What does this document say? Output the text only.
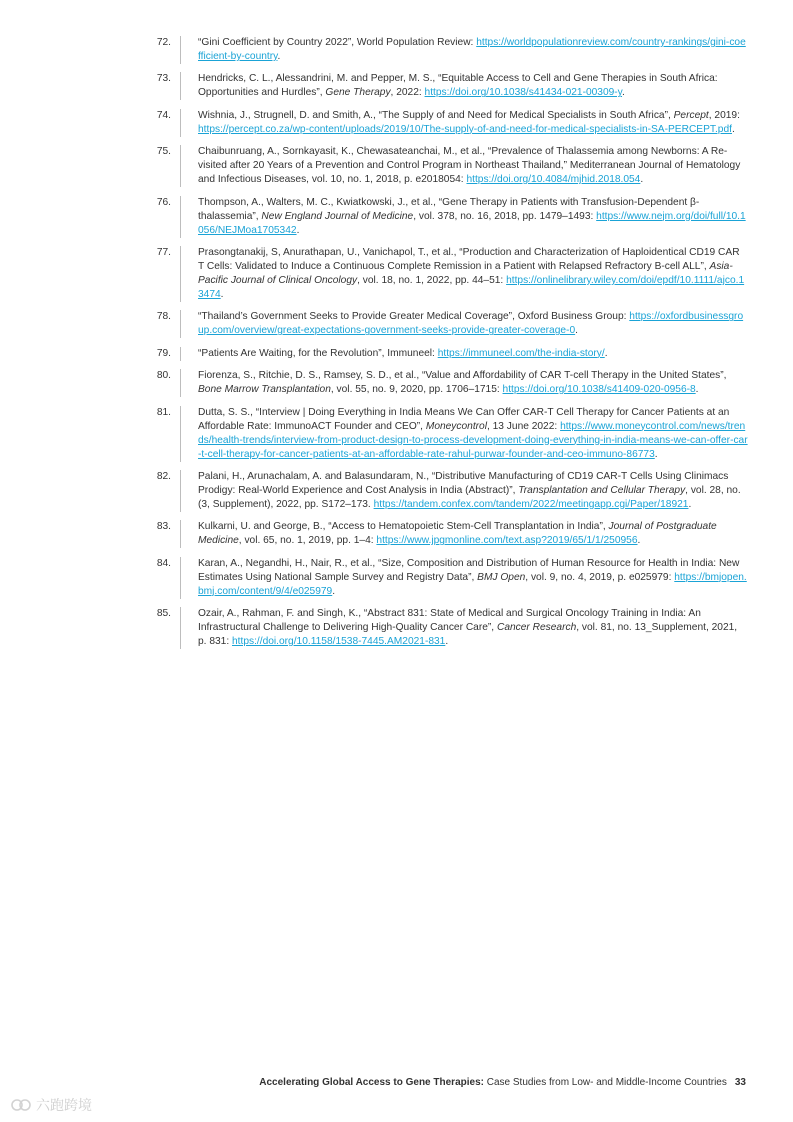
72.	“Gini Coefficient by Country 2022”, World Population Review: https://worldpopulationreview.com/country-rankings/gini-coefficient-by-country.
73.	Hendricks, C. L., Alessandrini, M. and Pepper, M. S., “Equitable Access to Cell and Gene Therapies in South Africa: Opportunities and Hurdles”, Gene Therapy, 2022: https://doi.org/10.1038/s41434-021-00309-y.
74.	Wishnia, J., Strugnell, D. and Smith, A., “The Supply of and Need for Medical Specialists in South Africa”, Percept, 2019: https://percept.co.za/wp-content/uploads/2019/10/The-supply-of-and-need-for-medical-specialists-in-SA-PERCEPT.pdf.
75.	Chaibunruang, A., Sornkayasit, K., Chewasateanchai, M., et al., “Prevalence of Thalassemia among Newborns: A Re-visited after 20 Years of a Prevention and Control Program in Northeast Thailand,” Mediterranean Journal of Hematology and Infectious Diseases, vol. 10, no. 1, 2018, p. e2018054: https://doi.org/10.4084/mjhid.2018.054.
76.	Thompson, A., Walters, M. C., Kwiatkowski, J., et al., “Gene Therapy in Patients with Transfusion-Dependent β-thalassemia”, New England Journal of Medicine, vol. 378, no. 16, 2018, pp. 1479–1493: https://www.nejm.org/doi/full/10.1056/NEJMoa1705342.
77.	Prasongtanakij, S, Anurathapan, U., Vanichapol, T., et al., “Production and Characterization of Haploidentical CD19 CAR T Cells: Validated to Induce a Continuous Complete Remission in a Patient with Relapsed Refractory B-cell ALL”, Asia-Pacific Journal of Clinical Oncology, vol. 18, no. 1, 2022, pp. 44–51: https://onlinelibrary.wiley.com/doi/epdf/10.1111/ajco.13474.
78.	“Thailand’s Government Seeks to Provide Greater Medical Coverage”, Oxford Business Group: https://oxfordbusinessgroup.com/overview/great-expectations-government-seeks-provide-greater-coverage-0.
79.	“Patients Are Waiting, for the Revolution”, Immuneel: https://immuneel.com/the-india-story/.
80.	Fiorenza, S., Ritchie, D. S., Ramsey, S. D., et al., “Value and Affordability of CAR T-cell Therapy in the United States”, Bone Marrow Transplantation, vol. 55, no. 9, 2020, pp. 1706–1715: https://doi.org/10.1038/s41409-020-0956-8.
81.	Dutta, S. S., “Interview | Doing Everything in India Means We Can Offer CAR-T Cell Therapy for Cancer Patients at an Affordable Rate: ImmunoACT Founder and CEO”, Moneycontrol, 13 June 2022: https://www.moneycontrol.com/news/trends/health-trends/interview-from-product-design-to-process-development-doing-everything-in-india-means-we-can-offer-car-t-cell-therapy-for-cancer-patients-at-an-affordable-rate-rahul-purwar-founder-and-ceo-immuno-86773.
82.	Palani, H., Arunachalam, A. and Balasundaram, N., “Distributive Manufacturing of CD19 CAR-T Cells Using Clinimacs Prodigy: Real-World Experience and Cost Analysis in India (Abstract)”, Transplantation and Cellular Therapy, vol. 28, no. (3, Supplement), 2022, pp. S172–173. https://tandem.confex.com/tandem/2022/meetingapp.cgi/Paper/18921.
83.	Kulkarni, U. and George, B., “Access to Hematopoietic Stem-Cell Transplantation in India”, Journal of Postgraduate Medicine, vol. 65, no. 1, 2019, pp. 1–4: https://www.jpgmonline.com/text.asp?2019/65/1/1/250956.
84.	Karan, A., Negandhi, H., Nair, R., et al., “Size, Composition and Distribution of Human Resource for Health in India: New Estimates Using National Sample Survey and Registry Data”, BMJ Open, vol. 9, no. 4, 2019, p. e025979: https://bmjopen.bmj.com/content/9/4/e025979.
85.	Ozair, A., Rahman, F. and Singh, K., “Abstract 831: State of Medical and Surgical Oncology Training in India: An Infrastructural Challenge to Delivering High-Quality Cancer Care”, Cancer Research, vol. 81, no. 13_Supplement, 2021, p. 831: https://doi.org/10.1158/1538-7445.AM2021-831.
Accelerating Global Access to Gene Therapies: Case Studies from Low- and Middle-Income Countries 33
六跑跨境
